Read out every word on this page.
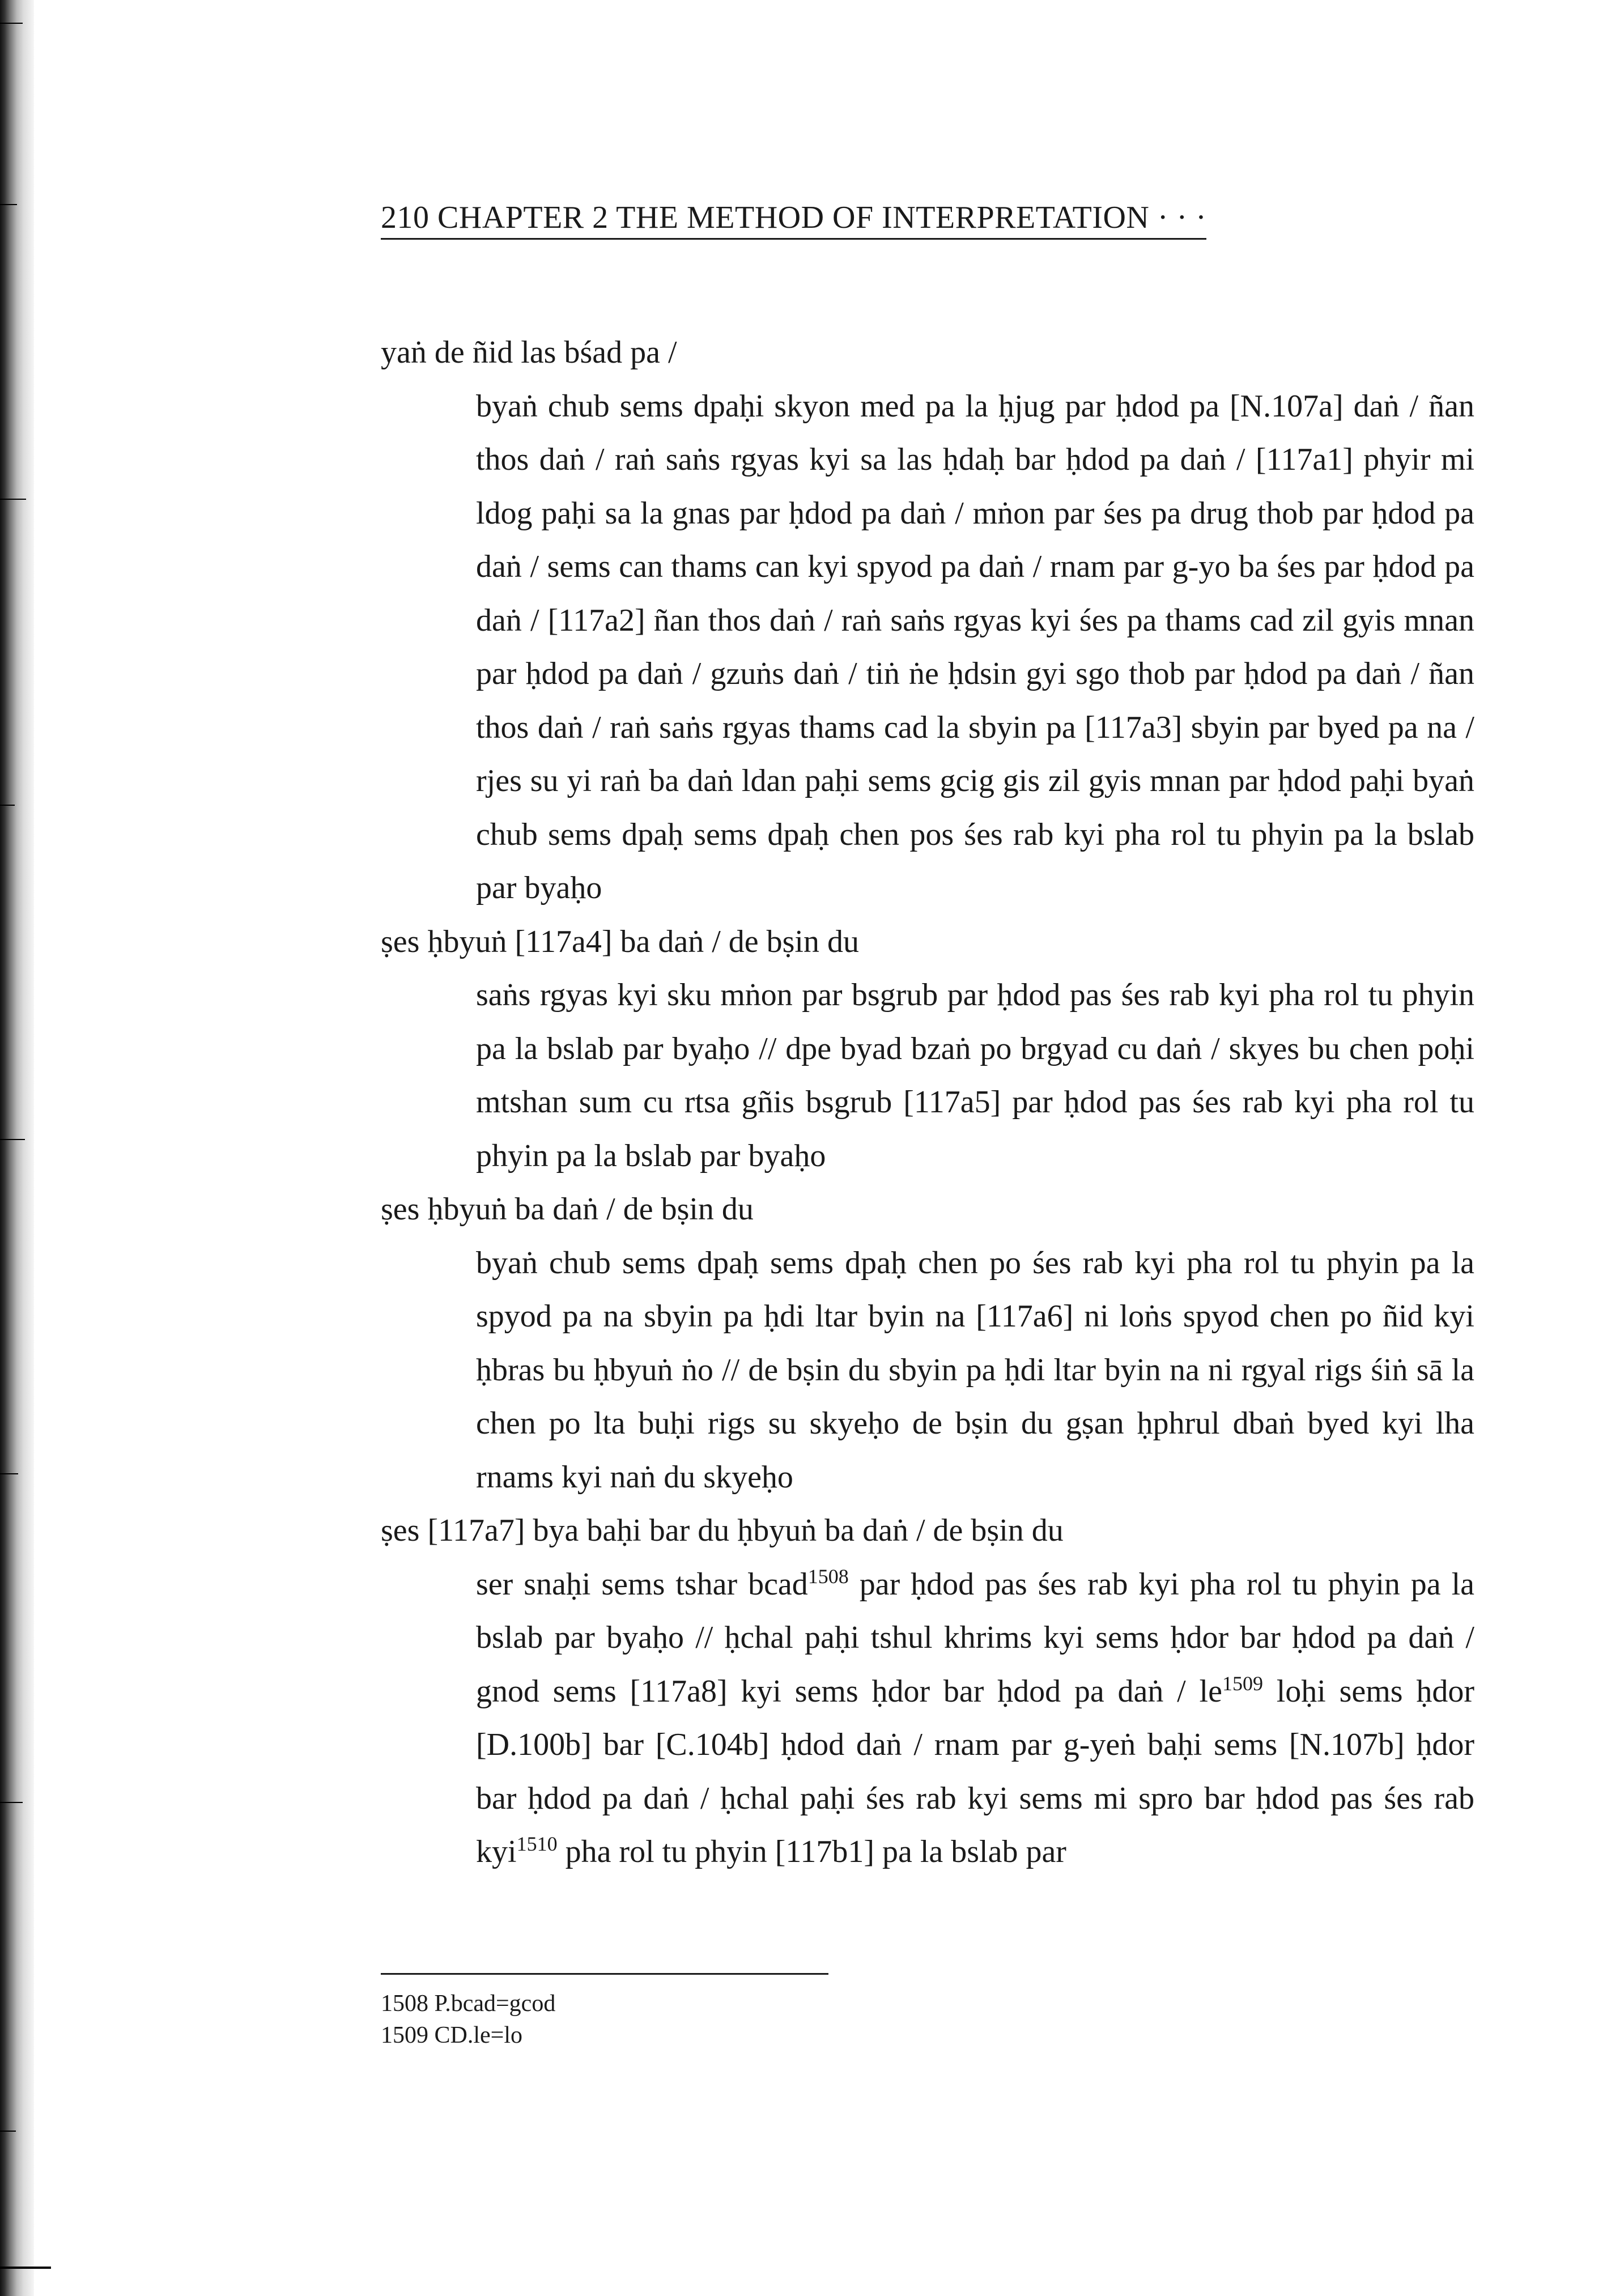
210 CHAPTER 2 THE METHOD OF INTERPRETATION · · ·

yaṅ de ñid las bśad pa /

byaṅ chub sems dpaḥi skyon med pa la ḥjug par ḥdod pa [N.107a] daṅ / ñan thos daṅ / raṅ saṅs rgyas kyi sa las ḥdaḥ bar ḥdod pa daṅ / [117a1] phyir mi ldog paḥi sa la gnas par ḥdod pa daṅ / mṅon par śes pa drug thob par ḥdod pa daṅ / sems can thams can kyi spyod pa daṅ / rnam par g-yo ba śes par ḥdod pa daṅ / [117a2] ñan thos daṅ / raṅ saṅs rgyas kyi śes pa thams cad zil gyis mnan par ḥdod pa daṅ / gzuṅs daṅ / tiṅ ṅe ḥdsin gyi sgo thob par ḥdod pa daṅ / ñan thos daṅ / raṅ saṅs rgyas thams cad la sbyin pa [117a3] sbyin par byed pa na / rjes su yi raṅ ba daṅ ldan paḥi sems gcig gis zil gyis mnan par ḥdod paḥi byaṅ chub sems dpaḥ sems dpaḥ chen pos śes rab kyi pha rol tu phyin pa la bslab par byaḥo

ṣes ḥbyuṅ [117a4] ba daṅ / de bṣin du

saṅs rgyas kyi sku mṅon par bsgrub par ḥdod pas śes rab kyi pha rol tu phyin pa la bslab par byaḥo // dpe byad bzaṅ po brgyad cu daṅ / skyes bu chen poḥi mtshan sum cu rtsa gñis bsgrub [117a5] par ḥdod pas śes rab kyi pha rol tu phyin pa la bslab par byaḥo

ṣes ḥbyuṅ ba daṅ / de bṣin du

byaṅ chub sems dpaḥ sems dpaḥ chen po śes rab kyi pha rol tu phyin pa la spyod pa na sbyin pa ḥdi ltar byin na [117a6] ni loṅs spyod chen po ñid kyi ḥbras bu ḥbyuṅ ṅo // de bṣin du sbyin pa ḥdi ltar byin na ni rgyal rigs śiṅ sā la chen po lta buḥi rigs su skyeḥo de bṣin du gṣan ḥphrul dbaṅ byed kyi lha rnams kyi naṅ du skyeḥo

ṣes [117a7] bya baḥi bar du ḥbyuṅ ba daṅ / de bṣin du

ser snaḥi sems tshar bcad$^{1508}$ par ḥdod pas śes rab kyi pha rol tu phyin pa la bslab par byaḥo // ḥchal paḥi tshul khrims kyi sems ḥdor bar ḥdod pa daṅ / gnod sems [117a8] kyi sems ḥdor bar ḥdod pa daṅ / $le^{1509}$ loḥi sems ḥdor [D.100b] bar [C.104b] ḥdod daṅ / rnam par g-yeṅ baḥi sems [N.107b] ḥdor bar ḥdod pa daṅ / ḥchal paḥi śes rab kyi sems mi spro bar ḥdod pas śes rab kyi$^{1510}$ pha rol tu phyin [117b1] pa la bslab par

1508 P.bcad=gcod
1509 CD.le=lo
